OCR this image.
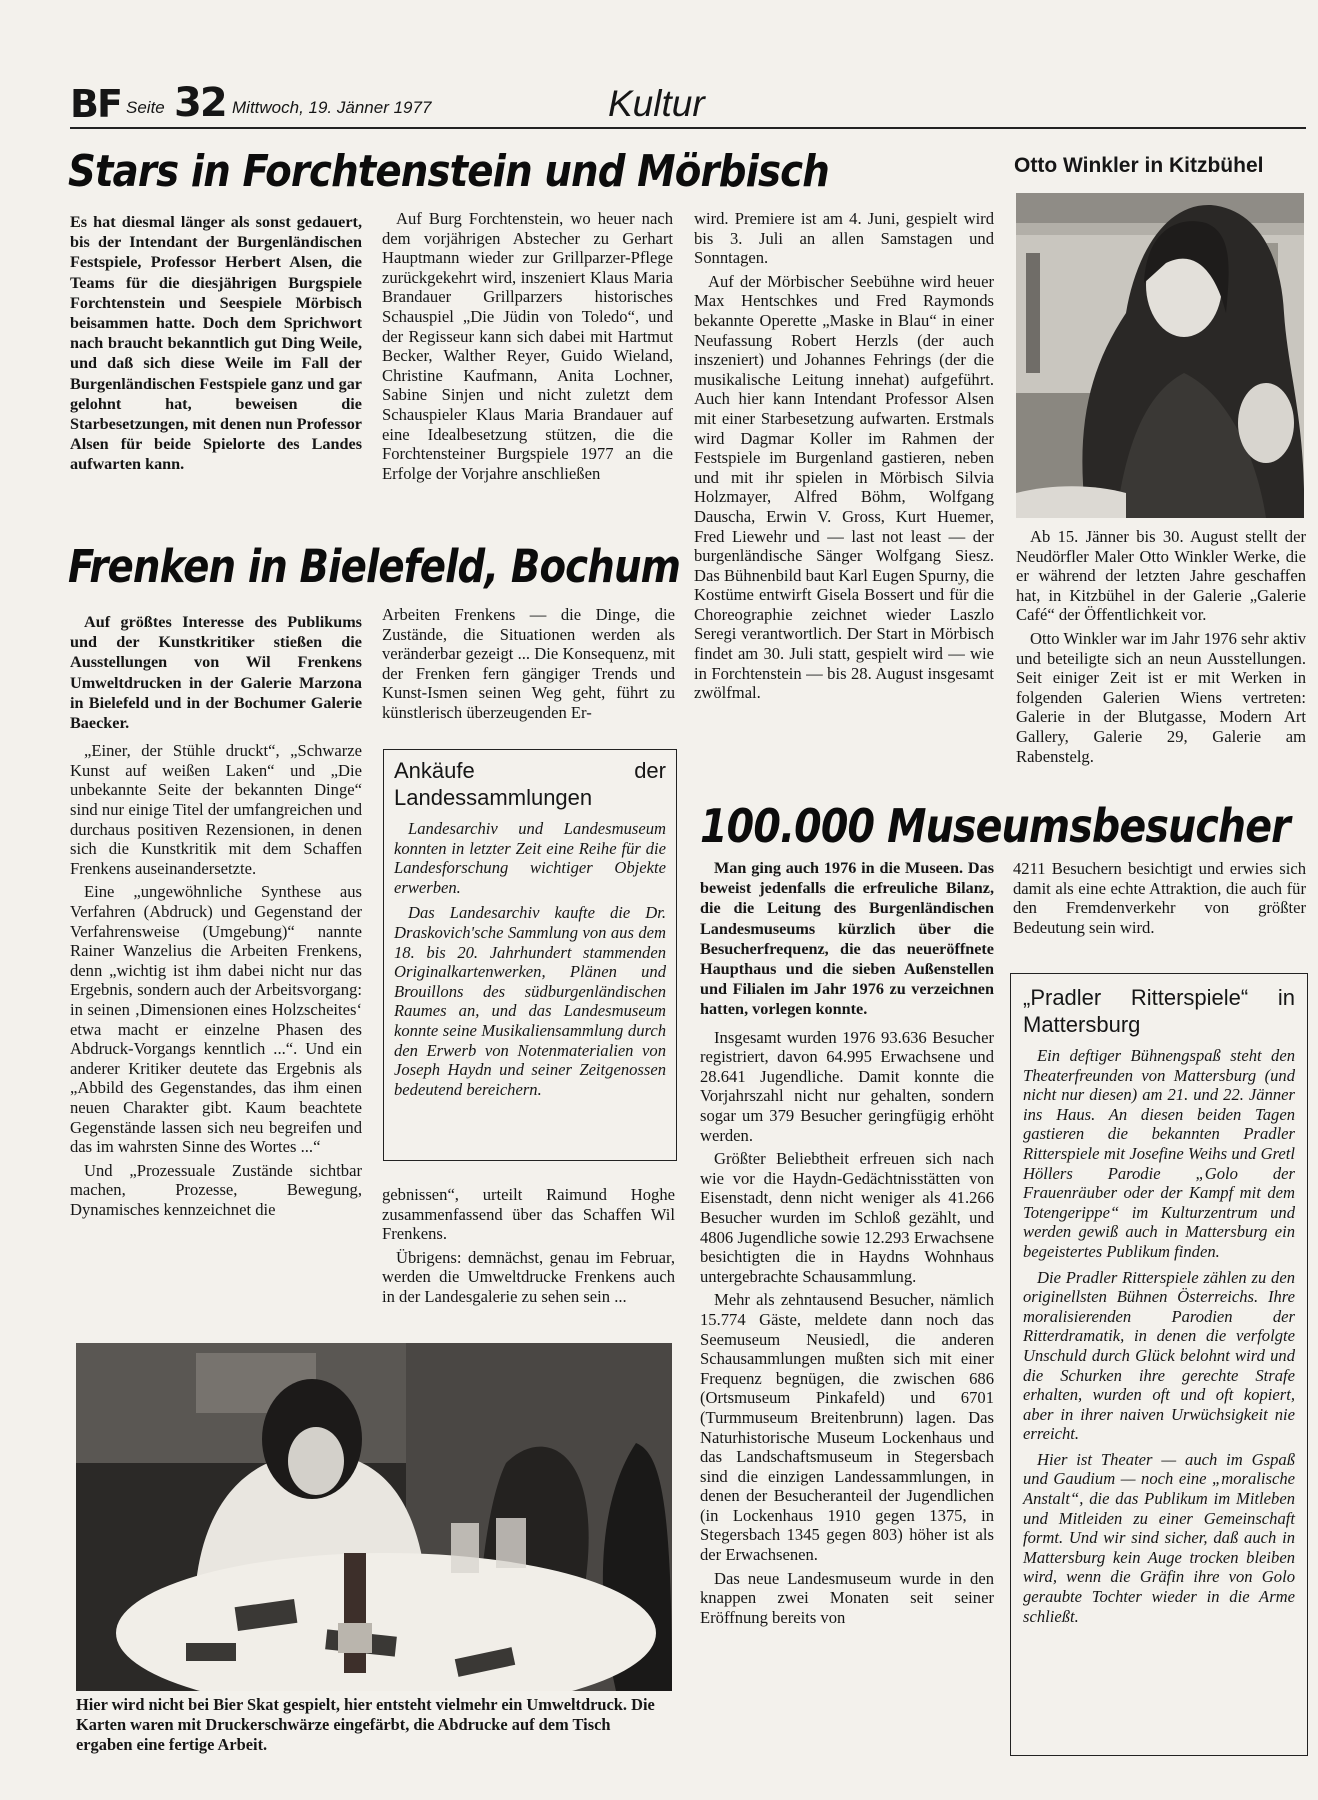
BF Seite 32 Mittwoch, 19. Jänner 1977	Kultur
Stars in Forchtenstein und Mörbisch
Es hat diesmal länger als sonst gedauert, bis der Intendant der Burgenländischen Festspiele, Professor Herbert Alsen, die Teams für die diesjährigen Burgspiele Forchtenstein und Seespiele Mörbisch beisammen hatte. Doch dem Sprichwort nach braucht bekanntlich gut Ding Weile, und daß sich diese Weile im Fall der Burgenländischen Festspiele ganz und gar gelohnt hat, beweisen die Starbesetzungen, mit denen nun Professor Alsen für beide Spielorte des Landes aufwarten kann.

Auf Burg Forchtenstein, wo heuer nach dem vorjährigen Abstecher zu Gerhart Hauptmann wieder zur Grillparzer-Pflege zurückgekehrt wird, inszeniert Klaus Maria Brandauer Grillparzers historisches Schauspiel „Die Jüdin von Toledo“, und der Regisseur kann sich dabei mit Hartmut Becker, Walther Reyer, Guido Wieland, Christine Kaufmann, Anita Lochner, Sabine Sinjen und nicht zuletzt dem Schauspieler Klaus Maria Brandauer auf eine Idealbesetzung stützen, die die Forchtensteiner Burgspiele 1977 an die Erfolge der Vorjahre anschließen

wird. Premiere ist am 4. Juni, gespielt wird bis 3. Juli an allen Samstagen und Sonntagen.

Auf der Mörbischer Seebühne wird heuer Max Hentschkes und Fred Raymonds bekannte Operette „Maske in Blau“ in einer Neufassung Robert Herzls (der auch inszeniert) und Johannes Fehrings (der die musikalische Leitung innehat) aufgeführt. Auch hier kann Intendant Professor Alsen mit einer Starbesetzung aufwarten. Erstmals wird Dagmar Koller im Rahmen der Festspiele im Burgenland gastieren, neben und mit ihr spielen in Mörbisch Silvia Holzmayer, Alfred Böhm, Wolfgang Dauscha, Erwin V. Gross, Kurt Huemer, Fred Liewehr und — last not least — der burgenländische Sänger Wolfgang Siesz. Das Bühnenbild baut Karl Eugen Spurny, die Kostüme entwirft Gisela Bossert und für die Choreographie zeichnet wieder Laszlo Seregi verantwortlich. Der Start in Mörbisch findet am 30. Juli statt, gespielt wird — wie in Forchtenstein — bis 28. August insgesamt zwölfmal.

Otto Winkler in Kitzbühel

Ab 15. Jänner bis 30. August stellt der Neudörfler Maler Otto Winkler Werke, die er während der letzten Jahre geschaffen hat, in Kitzbühel in der Galerie „Galerie Café“ der Öffentlichkeit vor.

Otto Winkler war im Jahr 1976 sehr aktiv und beteiligte sich an neun Ausstellungen. Seit einiger Zeit ist er mit Werken in folgenden Galerien Wiens vertreten: Galerie in der Blutgasse, Modern Art Gallery, Galerie 29, Galerie am Rabenstelg.

Frenken in Bielefeld, Bochum

Auf größtes Interesse des Publikums und der Kunstkritiker stießen die Ausstellungen von Wil Frenkens Umweltdrucken in der Galerie Marzona in Bielefeld und in der Bochumer Galerie Baecker.

„Einer, der Stühle druckt“, „Schwarze Kunst auf weißen Laken“ und „Die unbekannte Seite der bekannten Dinge“ sind nur einige Titel der umfangreichen und durchaus positiven Rezensionen, in denen sich die Kunstkritik mit dem Schaffen Frenkens auseinandersetzte.

Eine „ungewöhnliche Synthese aus Verfahren (Abdruck) und Gegenstand der Verfahrensweise (Umgebung)“ nannte Rainer Wanzelius die Arbeiten Frenkens, denn „wichtig ist ihm dabei nicht nur das Ergebnis, sondern auch der Arbeitsvorgang: in seinen ‚Dimensionen eines Holzscheites‘ etwa macht er einzelne Phasen des Abdruck-Vorgangs kenntlich ...“. Und ein anderer Kritiker deutete das Ergebnis als „Abbild des Gegenstandes, das ihm einen neuen Charakter gibt. Kaum beachtete Gegenstände lassen sich neu begreifen und das im wahrsten Sinne des Wortes ...“

Und „Prozessuale Zustände sichtbar machen, Prozesse, Bewegung, Dynamisches kennzeichnet die

Arbeiten Frenkens — die Dinge, die Zustände, die Situationen werden als veränderbar gezeigt ... Die Konsequenz, mit der Frenken fern gängiger Trends und Kunst-Ismen seinen Weg geht, führt zu künstlerisch überzeugenden Er-

Ankäufe der Landessammlungen

Landesarchiv und Landesmuseum konnten in letzter Zeit eine Reihe für die Landesforschung wichtiger Objekte erwerben.

Das Landesarchiv kaufte die Dr. Draskovich'sche Sammlung von aus dem 18. bis 20. Jahrhundert stammenden Originalkartenwerken, Plänen und Brouillons des südburgenländischen Raumes an, und das Landesmuseum konnte seine Musikaliensammlung durch den Erwerb von Notenmaterialien von Joseph Haydn und seiner Zeitgenossen bedeutend bereichern.

gebnissen“, urteilt Raimund Hoghe zusammenfassend über das Schaffen Wil Frenkens.

Übrigens: demnächst, genau im Februar, werden die Umweltdrucke Frenkens auch in der Landesgalerie zu sehen sein ...

Hier wird nicht bei Bier Skat gespielt, hier entsteht vielmehr ein Umweltdruck. Die Karten waren mit Druckerschwärze eingefärbt, die Abdrucke auf dem Tisch ergaben eine fertige Arbeit.
100.000 Museumsbesucher

Man ging auch 1976 in die Museen. Das beweist jedenfalls die erfreuliche Bilanz, die die Leitung des Burgenländischen Landesmuseums kürzlich über die Besucherfrequenz, die das neueröffnete Haupthaus und die sieben Außenstellen und Filialen im Jahr 1976 zu verzeichnen hatten, vorlegen konnte.

Insgesamt wurden 1976 93.636 Besucher registriert, davon 64.995 Erwachsene und 28.641 Jugendliche. Damit konnte die Vorjahrszahl nicht nur gehalten, sondern sogar um 379 Besucher geringfügig erhöht werden.

Größter Beliebtheit erfreuen sich nach wie vor die Haydn-Gedächtnisstätten von Eisenstadt, denn nicht weniger als 41.266 Besucher wurden im Schloß gezählt, und 4806 Jugendliche sowie 12.293 Erwachsene besichtigten die in Haydns Wohnhaus untergebrachte Schausammlung.

Mehr als zehntausend Besucher, nämlich 15.774 Gäste, meldete dann noch das Seemuseum Neusiedl, die anderen Schausammlungen mußten sich mit einer Frequenz begnügen, die zwischen 686 (Ortsmuseum Pinkafeld) und 6701 (Turmmuseum Breitenbrunn) lagen. Das Naturhistorische Museum Lockenhaus und das Landschaftsmuseum in Stegersbach sind die einzigen Landessammlungen, in denen der Besucheranteil der Jugendlichen (in Lockenhaus 1910 gegen 1375, in Stegersbach 1345 gegen 803) höher ist als der Erwachsenen.

Das neue Landesmuseum wurde in den knappen zwei Monaten seit seiner Eröffnung bereits von

4211 Besuchern besichtigt und erwies sich damit als eine echte Attraktion, die auch für den Fremdenverkehr von größter Bedeutung sein wird.

„Pradler Ritterspiele“ in Mattersburg

Ein deftiger Bühnengspaß steht den Theaterfreunden von Mattersburg (und nicht nur diesen) am 21. und 22. Jänner ins Haus. An diesen beiden Tagen gastieren die bekannten Pradler Ritterspiele mit Josefine Weihs und Gretl Höllers Parodie „Golo der Frauenräuber oder der Kampf mit dem Totengerippe“ im Kulturzentrum und werden gewiß auch in Mattersburg ein begeistertes Publikum finden.

Die Pradler Ritterspiele zählen zu den originellsten Bühnen Österreichs. Ihre moralisierenden Parodien der Ritterdramatik, in denen die verfolgte Unschuld durch Glück belohnt wird und die Schurken ihre gerechte Strafe erhalten, wurden oft und oft kopiert, aber in ihrer naiven Urwüchsigkeit nie erreicht.

Hier ist Theater — auch im Gspaß und Gaudium — noch eine „moralische Anstalt“, die das Publikum im Mitleben und Mitleiden zu einer Gemeinschaft formt. Und wir sind sicher, daß auch in Mattersburg kein Auge trocken bleiben wird, wenn die Gräfin ihre von Golo geraubte Tochter wieder in die Arme schließt.
